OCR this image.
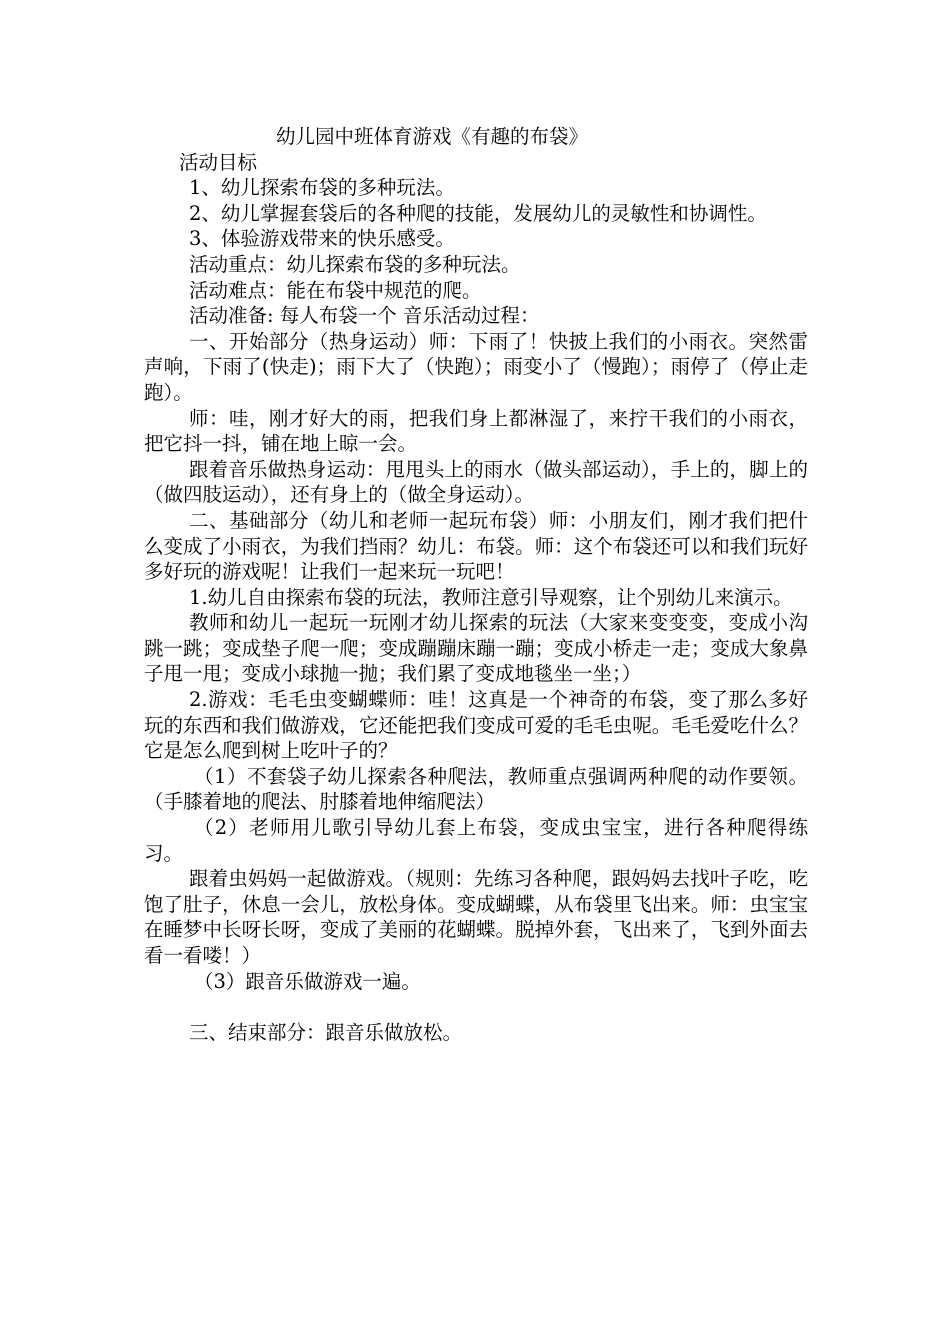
幼儿园中班体育游戏《有趣的布袋》

活动目标

1、幼儿探索布袋的多种玩法。

2、幼儿掌握套袋后的各种爬的技能，发展幼儿的灵敏性和协调性。

3、体验游戏带来的快乐感受。

活动重点：幼儿探索布袋的多种玩法。

活动难点：能在布袋中规范的爬。

活动准备: 每人布袋一个 音乐活动过程：

一、开始部分（热身运动）师：下雨了！快披上我们的小雨衣。突然雷声响，下雨了(快走)；雨下大了（快跑）；雨变小了（慢跑）；雨停了（停止走跑）。

师：哇，刚才好大的雨，把我们身上都淋湿了，来拧干我们的小雨衣，把它抖一抖，铺在地上晾一会。

跟着音乐做热身运动：甩甩头上的雨水（做头部运动），手上的，脚上的（做四肢运动），还有身上的（做全身运动）。

二、基础部分（幼儿和老师一起玩布袋）师：小朋友们，刚才我们把什么变成了小雨衣，为我们挡雨？幼儿：布袋。师：这个布袋还可以和我们玩好多好玩的游戏呢！让我们一起来玩一玩吧！

1.幼儿自由探索布袋的玩法，教师注意引导观察，让个别幼儿来演示。

教师和幼儿一起玩一玩刚才幼儿探索的玩法（大家来变变变，变成小沟跳一跳；变成垫子爬一爬；变成蹦蹦床蹦一蹦；变成小桥走一走；变成大象鼻子甩一甩；变成小球抛一抛；我们累了变成地毯坐一坐；）

2.游戏：毛毛虫变蝴蝶师：哇！这真是一个神奇的布袋，变了那么多好玩的东西和我们做游戏，它还能把我们变成可爱的毛毛虫呢。毛毛爱吃什么？它是怎么爬到树上吃叶子的？

（1）不套袋子幼儿探索各种爬法，教师重点强调两种爬的动作要领。（手膝着地的爬法、肘膝着地伸缩爬法）

（2）老师用儿歌引导幼儿套上布袋，变成虫宝宝，进行各种爬得练习。

跟着虫妈妈一起做游戏。（规则：先练习各种爬，跟妈妈去找叶子吃，吃饱了肚子，休息一会儿，放松身体。变成蝴蝶，从布袋里飞出来。师：虫宝宝在睡梦中长呀长呀，变成了美丽的花蝴蝶。脱掉外套，飞出来了，飞到外面去看一看喽！）

（3）跟音乐做游戏一遍。

三、结束部分：跟音乐做放松。
